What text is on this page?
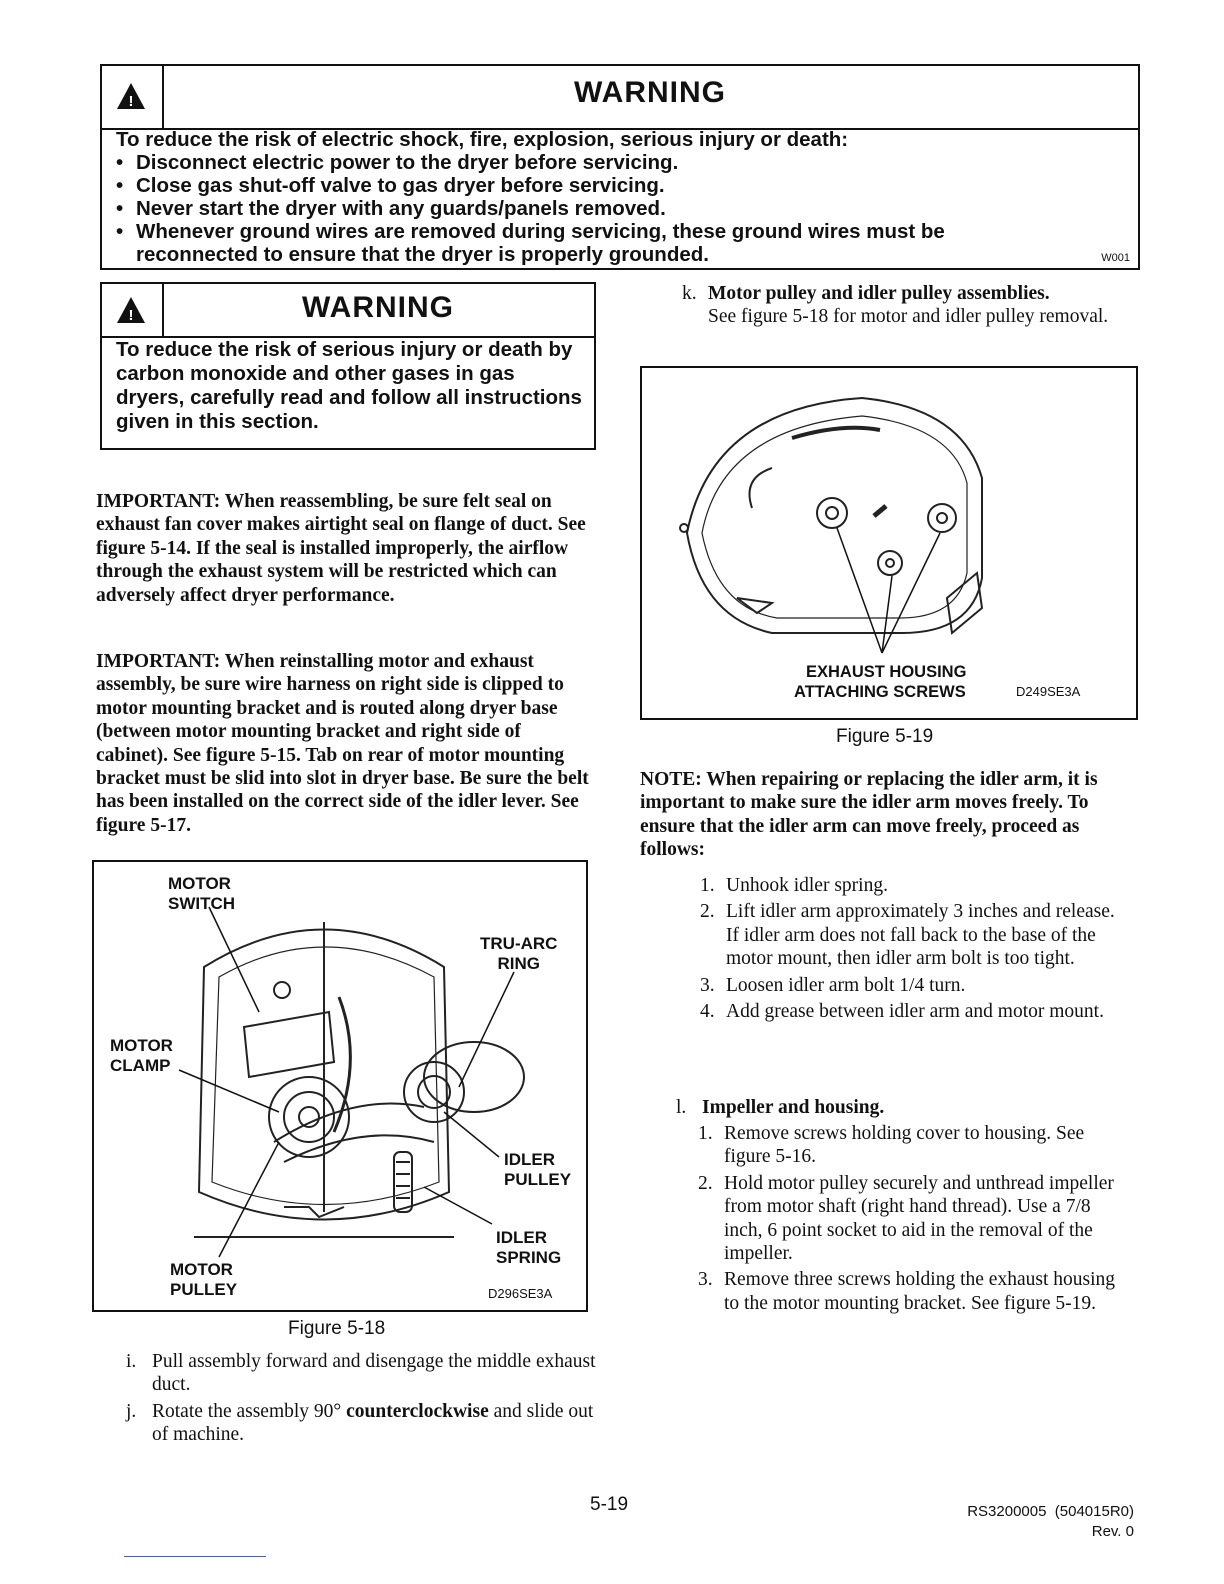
!	WARNING
To reduce the risk of electric shock, fire, explosion, serious injury or death:
• Disconnect electric power to the dryer before servicing.
• Close gas shut-off valve to gas dryer before servicing.
• Never start the dryer with any guards/panels removed.
• Whenever ground wires are removed during servicing, these ground wires must be reconnected to ensure that the dryer is properly grounded.	W001
!	WARNING
To reduce the risk of serious injury or death by carbon monoxide and other gases in gas dryers, carefully read and follow all instructions given in this section.
IMPORTANT: When reassembling, be sure felt seal on exhaust fan cover makes airtight seal on flange of duct. See figure 5-14. If the seal is installed improperly, the airflow through the exhaust system will be restricted which can adversely affect dryer performance.
IMPORTANT: When reinstalling motor and exhaust assembly, be sure wire harness on right side is clipped to motor mounting bracket and is routed along dryer base (between motor mounting bracket and right side of cabinet). See figure 5-15. Tab on rear of motor mounting bracket must be slid into slot in dryer base. Be sure the belt has been installed on the correct side of the idler lever. See figure 5-17.
MOTOR
SWITCH
TRU-ARC
RING
MOTOR
CLAMP
IDLER
PULLEY
IDLER
SPRING
MOTOR
PULLEY	D296SE3A
Figure 5-18
i. Pull assembly forward and disengage the middle exhaust duct.
j. Rotate the assembly 90° counterclockwise and slide out of machine.
k. Motor pulley and idler pulley assemblies.
See figure 5-18 for motor and idler pulley removal.
EXHAUST HOUSING
ATTACHING SCREWS	D249SE3A
Figure 5-19
NOTE: When repairing or replacing the idler arm, it is important to make sure the idler arm moves freely. To ensure that the idler arm can move freely, proceed as follows:
1. Unhook idler spring.
2. Lift idler arm approximately 3 inches and release. If idler arm does not fall back to the base of the motor mount, then idler arm bolt is too tight.
3. Loosen idler arm bolt 1/4 turn.
4. Add grease between idler arm and motor mount.
l. Impeller and housing.
1. Remove screws holding cover to housing. See figure 5-16.
2. Hold motor pulley securely and unthread impeller from motor shaft (right hand thread). Use a 7/8 inch, 6 point socket to aid in the removal of the impeller.
3. Remove three screws holding the exhaust housing to the motor mounting bracket. See figure 5-19.
5-19	RS3200005  (504015R0)
Rev. 0
